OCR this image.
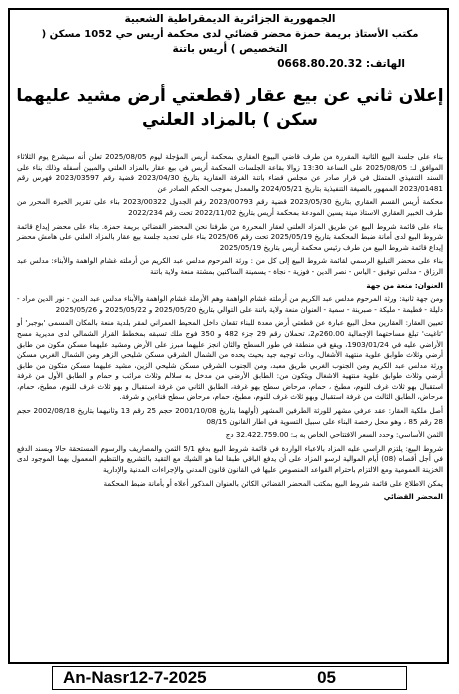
الجمهورية الجزائرية الديمقراطية الشعبية
مكتب الأستاذ بريمة حمزة محضر قضائي لدى محكمة أريس حي 1052 مسكن (
التخصيص ) أريس باتنة
الهاتف: 0668.80.20.32
إعلان ثاني عن بيع عقار (قطعتي أرض مشيد عليهما سكن ) بالمزاد العلني

بناء على جلسة البيع الثانية المقررة من طرف قاضي البيوع العقاري بمحكمة أريس المؤجلة ليوم 2025/08/05 تعلن أنه سيشرع يوم الثلاثاء الموافق لـ: 2025/08/05 على الساعة 13:30 زوالا بقاعة الجلسات المحكمة أريس في بيع عقار بالمزاد العلني والمبين أسفله وذلك بناء على السند التنفيذي المتمثل في قرار صادر عن مجلس قضاء باتنة الغرفة العقارية بتاريخ 2023/04/30 قضية رقم 2023/03597 فهرس رقم 2023/01481 الممهور بالصيغة التنفيذية بتاريخ 2024/05/21 والمعدل بموجب الحكم الصادر عن

محكمة أريس القسم العقاري بتاريخ 2023/05/30 قضية رقم 2023/00793 رقم الجدول 2023/00322 بناء على تقرير الخبرة المحرر من طرف الخبير العقاري الاستاذ مينة يسين المودعة بمحكمة أريس بتاريخ 2022/11/02 تحت رقم 2022/234

بناء على قائمة شروط البيع عن طريق المزاد العلني لعقار المحررة من طرفنا نحن المحضر القضائي بريمة حمزة. بناء على محضر إيداع قائمة شروط البيع لدى أمانة ضبط المحكمة بتاريخ 2025/05/19 تحت رقم 2025/06 بناء على تحديد جلسة بيع عقار بالمزاد العلني على هامش محضر إيداع قائمة شروط البيع من طرف رئيس محكمة أريس بتاريخ 2025/05/19

بناء على محضر التبليغ الرسمي لقائمة شروط البيع إلى كل من : ورثة المرحوم مدلس عبد الكريم من أرملته غشام الواهمة والأبناء: مدلس عبد الرزاق - مدلس توفيق - الياس - نصر الدين - فوزية - نجاة - يسمينة الساكنين بمشتة منعة ولاية باتنة

العنوان: منعة من جهة

ومن جهة ثانية: ورثة المرحوم مدلس عبد الكريم من أرملته غشام الواهمة وهم الأرملة غشام الواهمة والأبناء مدلس عبد الدين - نور الدين مراد - دليلة - فطيمة - مليكة - صبرينة - سمية - العنوان منعة ولاية باتنة على التوالي بتاريخ 2025/05/20 و 2025/05/22 و 2025/05/26

تعيين العقار: العقارين محل البيع عبارة عن قطعتي أرض معدة للبناء تقعان داخل المحيط العمراني لمقر بلدية منعة بالمكان المسمى 'بوجبر' أو 'تاغيت' تبلغ مساحتهما الإجمالية 260.00م2، تحملان رقم 29 جزء 482 و 350 فوج ملك تسبقه بمخطط القرار الشمالي لدى مديرية مسح الأراضي عليه في 1903/01/24، ويقع في منطقة في طور السطح والثان انجز عليهما مبرز على الأرض ومشيد عليهما مسكن مكون من طابق أرضي وثلاث طوابق علوية منتهية الأشغال، وذات توجيه جيد بحيث يحده من الشمال الشرقي مسكن شليحي الزهر ومن الشمال الغربي مسكن ورثة مدلس عبد الكريم ومن الجنوب الغربي طريق معبد، ومن الجنوب الشرقي مسكن شليحي الزين، مشيد عليهما مسكن متكون من طابق أرضي وثلاث طوابق علوية منتهية الاشغال ويتكون من: الطابق الأرضي من مدخل به سلالم وثلاث مرائب و حمام و الطابق الأول من غرفة استقبال بهو ثلاث غرف للنوم، مطبخ ، حمام، مرحاض سطح بهو غرفة، الطابق الثاني من غرفة استقبال و بهو ثلاث غرف للنوم، مطبخ، حمام، مرحاض، الطابق الثالث من غرفة استقبال وبهو ثلاث غرف للنوم، مطبخ، حمام، مرحاض سطح فناءين و شرفة.

أصل ملكية العقار: عقد عرفي مشهر للورثة الطرفين المشهر (أولهما بتاريخ 2001/10/08 حجم 25 رقم 13 وثانيهما بتاريخ 2002/08/18 حجم 28 رقم 85 ، وهو محل رخصة البناء على سبيل التسوية في اطار القانون 08/15

الثمن الأساسي: وحدد السعر الافتتاحي الخاص به بـ: 32.422.759.00 دج

شروط البيع: يلتزم الراسي عليه المزاد بالاعباء الواردة في قائمة شروط البيع بدفع 5/1 الثمن والمصاريف والرسوم المستحقة حالا وبسند الدفع في أجل أقصاه (08) أيام الموالية لرسو المزاد على أن يدفع الباقي طبقا لما هو الشيك مع التقيد بالتشريع والتنظيم المعمول بهما الموجود لدى الخزينة العمومية ومع الالتزام باحترام القواعد المنصوص عليها في القانون قانون المدني والإجراءات المدنية والإدارية

يمكن الاطلاع على قائمة شروط البيع بمكتب المحضر القضائي الكائن بالعنوان المذكور أعلاه أو بأمانة ضبط المحكمة

المحضر القضائي

An-Nasr12-7-2025	05
